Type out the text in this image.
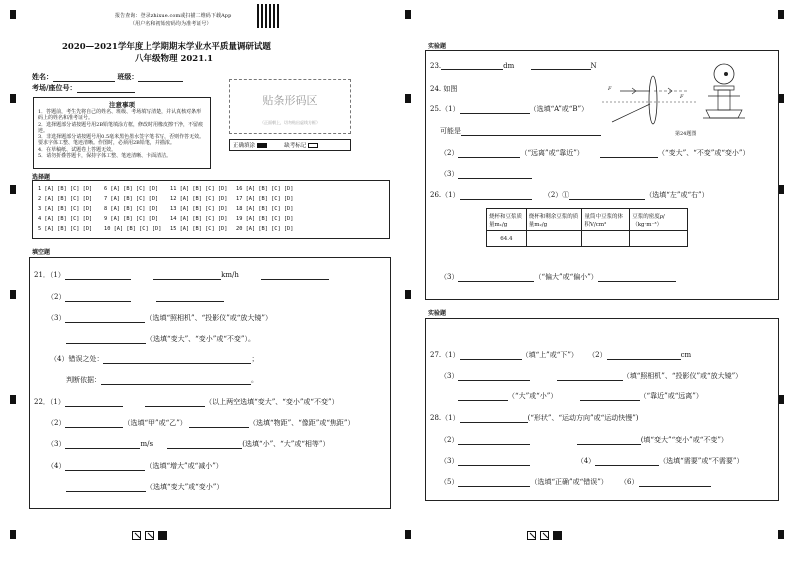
报告查询：登录zhixue.com或扫描二维码下载App
（用户名和初始密码均为准考证号）
2020—2021学年度上学期期末学业水平质量调研试题
八年级物理 2021.1
姓名：	班级：
考场/座位号：
注意事项
1．答题前，考生先将自己的姓名、班级、考场填写清楚，并认真核对条形码上的姓名和准考证号。
2．选择题部分请按题号用2B铅笔填涂方框，修改时用橡皮擦干净，不留痕迹。
3．非选择题部分请按题号用0.5毫米黑色墨水签字笔书写，否则作答无效。要求字体工整、笔迹清晰。作图时，必须用2B铅笔，并描浓。
4．在草稿纸、试题卷上答题无效。
5．请勿折叠答题卡，保持字体工整、笔迹清晰、卡面清洁。
贴条形码区
（正面朝上，切勿贴出虚线方框）
正确填涂	缺考标记
选择题
1 [A] [B] [C] [D] 6 [A] [B] [C] [D] 11 [A] [B] [C] [D] 16 [A] [B] [C] [D]
2 [A] [B] [C] [D] 7 [A] [B] [C] [D] 12 [A] [B] [C] [D] 17 [A] [B] [C] [D]
3 [A] [B] [C] [D] 8 [A] [B] [C] [D] 13 [A] [B] [C] [D] 18 [A] [B] [C] [D]
4 [A] [B] [C] [D] 9 [A] [B] [C] [D] 14 [A] [B] [C] [D] 19 [A] [B] [C] [D]
5 [A] [B] [C] [D] 10 [A] [B] [C] [D] 15 [A] [B] [C] [D] 20 [A] [B] [C] [D]
填空题
21．（1）	km/h
（2）
（3）	（选填“照相机”、“投影仪”或“放大镜”）
（选填“变大”、“变小”或“不变”）。
（4）错误之处：	；
判断依据：	。
22．（1）	（以上两空选填“变大”、“变小”或“不变”）
（2）	（选填“甲”或“乙”）	（选填“物距”、“像距”或“焦距”）
（3）	m/s	(选填“小”、“大”或“相等”）
（4）	（选填“增大”或“减小”）
（选填“变大”或“变小”）
实验题
23.	dm	N
24. 如图	F
F
第24题图
25.（1）	（选填“A”或“B”）
可能是
（2）	（“远离”或“靠近”）	（“变大”、“不变”或“变小”）
（3）
26.（1）	（2）①	（选填“左”或“右”）
烧杯和豆浆质量m₁/g	烧杯和剩余豆浆的质量m₂/g	量筒中豆浆的体积V/cm³	豆浆的密度ρ/（kg·m⁻³）
64.4			
（3）	（“偏大”或“偏小”）
实验题
27.（1）	（填“上”或“下”） （2）	cm
（3）	（填“照相机”、“投影仪”或“放大镜”）
（“大”或“小”）	（“靠近”或“远离”）
28.（1）	(“形状”、“运动方向”或“运动快慢”)
（2）	(填“变大”“变小”或“不变”）
（3）	（4）	（选填“需要”或“不需要”）
（5）	（选填“正确”或“错误”） （6）
